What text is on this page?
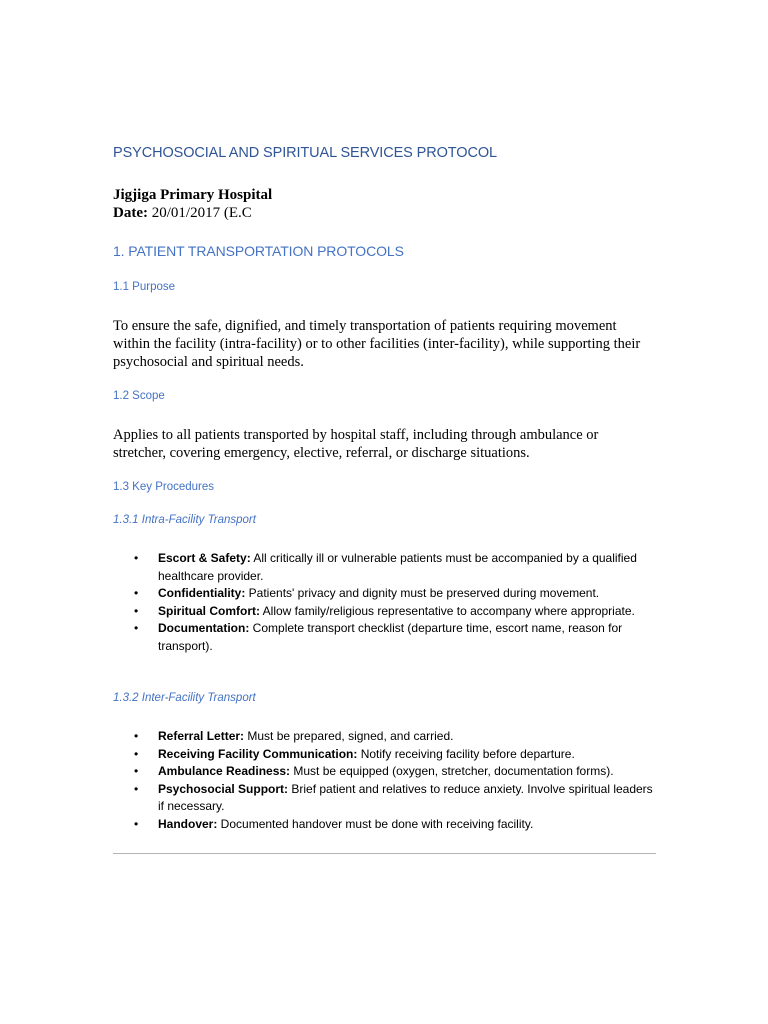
PSYCHOSOCIAL AND SPIRITUAL SERVICES PROTOCOL
Jigjiga Primary Hospital
Date: 20/01/2017 (E.C
1. PATIENT TRANSPORTATION PROTOCOLS
1.1 Purpose

To ensure the safe, dignified, and timely transportation of patients requiring movement within the facility (intra-facility) or to other facilities (inter-facility), while supporting their psychosocial and spiritual needs.

1.2 Scope

Applies to all patients transported by hospital staff, including through ambulance or stretcher, covering emergency, elective, referral, or discharge situations.

1.3 Key Procedures
1.3.1 Intra-Facility Transport
• Escort & Safety: All critically ill or vulnerable patients must be accompanied by a qualified healthcare provider.
• Confidentiality: Patients' privacy and dignity must be preserved during movement.
• Spiritual Comfort: Allow family/religious representative to accompany where appropriate.
• Documentation: Complete transport checklist (departure time, escort name, reason for transport).
1.3.2 Inter-Facility Transport
• Referral Letter: Must be prepared, signed, and carried.
• Receiving Facility Communication: Notify receiving facility before departure.
• Ambulance Readiness: Must be equipped (oxygen, stretcher, documentation forms).
• Psychosocial Support: Brief patient and relatives to reduce anxiety. Involve spiritual leaders if necessary.
• Handover: Documented handover must be done with receiving facility.
